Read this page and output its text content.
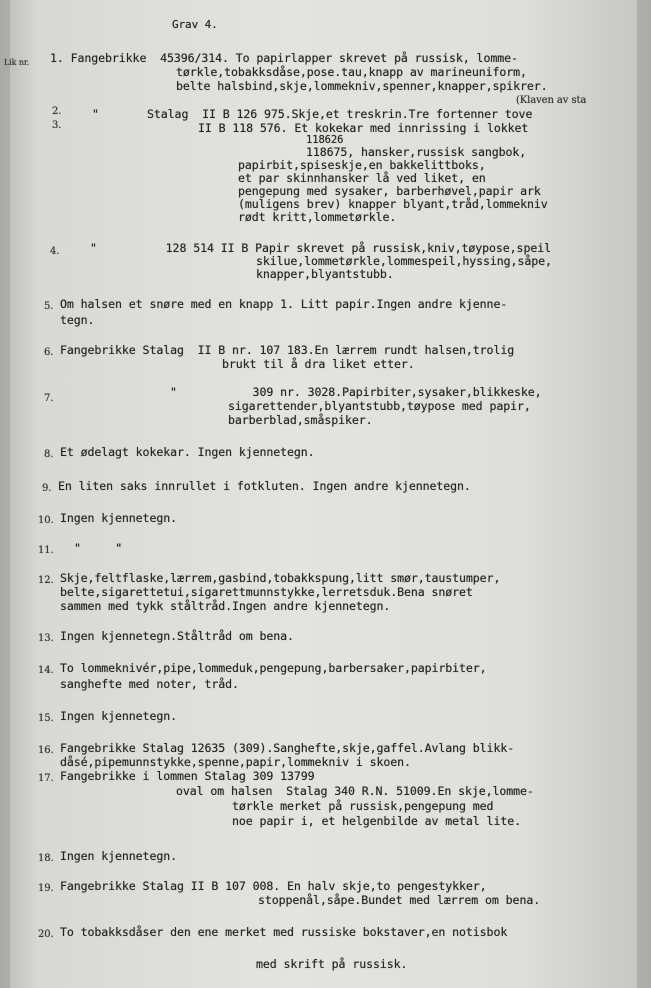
Grav 4.
Lik nr. 1. Fangebrikke  45396/314. To papirlapper skrevet på russisk, lomme-
tørkle,tobakksdåse,pose.tau,knapp av marineuniform,
belte halsbind,skje,lommekniv,spenner,knapper,spikrer.
(Klaven av sta
2.	"       Stalag  II B 126 975.Skje,et treskrin.Tre fortenner tove
3.	II B 118 576. Et kokekar med innrissing i lokket
118626
118675, hansker,russisk sangbok,
papirbit,spiseskje,en bakkelittboks,
et par skinnhansker lå ved liket, en
pengepung med sysaker, barberhøvel,papir ark
(muligens brev) knapper blyant,tråd,lommekniv
rødt kritt,lommetørkle.
4.	"          128 514 II B Papir skrevet på russisk,kniv,tøypose,speil
skilue,lommetørkle,lommespeil,hyssing,såpe,
knapper,blyantstubb.
5. Om halsen et snøre med en knapp 1. Litt papir.Ingen andre kjenne-
tegn.
6. Fangebrikke Stalag  II B nr. 107 183.En lærrem rundt halsen,trolig
brukt til å dra liket etter.
7.	"           309 nr. 3028.Papirbiter,sysaker,blikkeske,
sigarettender,blyantstubb,tøypose med papir,
barberblad,småspiker.
8. Et ødelagt kokekar. Ingen kjennetegn.
9. En liten saks innrullet i fotkluten. Ingen andre kjennetegn.
10. Ingen kjennetegn.
11. "     "
12. Skje,feltflaske,lærrem,gasbind,tobakkspung,litt smør,taustumper,
belte,sigarettetui,sigarettmunnstykke,lerretsduk.Bena snøret
sammen med tykk ståltråd.Ingen andre kjennetegn.
13. Ingen kjennetegn.Ståltråd om bena.
14. To lommeknivér,pipe,lommeduk,pengepung,barbersaker,papirbiter,
sanghefte med noter, tråd.
15. Ingen kjennetegn.
16. Fangebrikke Stalag 12635 (309).Sanghefte,skje,gaffel.Avlang blikk-
dåsé,pipemunnstykke,spenne,papir,lommekniv i skoen.
17. Fangebrikke i lommen Stalag 309 13799
oval om halsen  Stalag 340 R.N. 51009.En skje,lomme-
tørkle merket på russisk,pengepung med
noe papir i, et helgenbilde av metal lite.
18. Ingen kjennetegn.
19. Fangebrikke Stalag II B 107 008. En halv skje,to pengestykker,
stoppenål,såpe.Bundet med lærrem om bena.
20. To tobakksdåser den ene merket med russiske bokstaver,en notisbok
med skrift på russisk.
